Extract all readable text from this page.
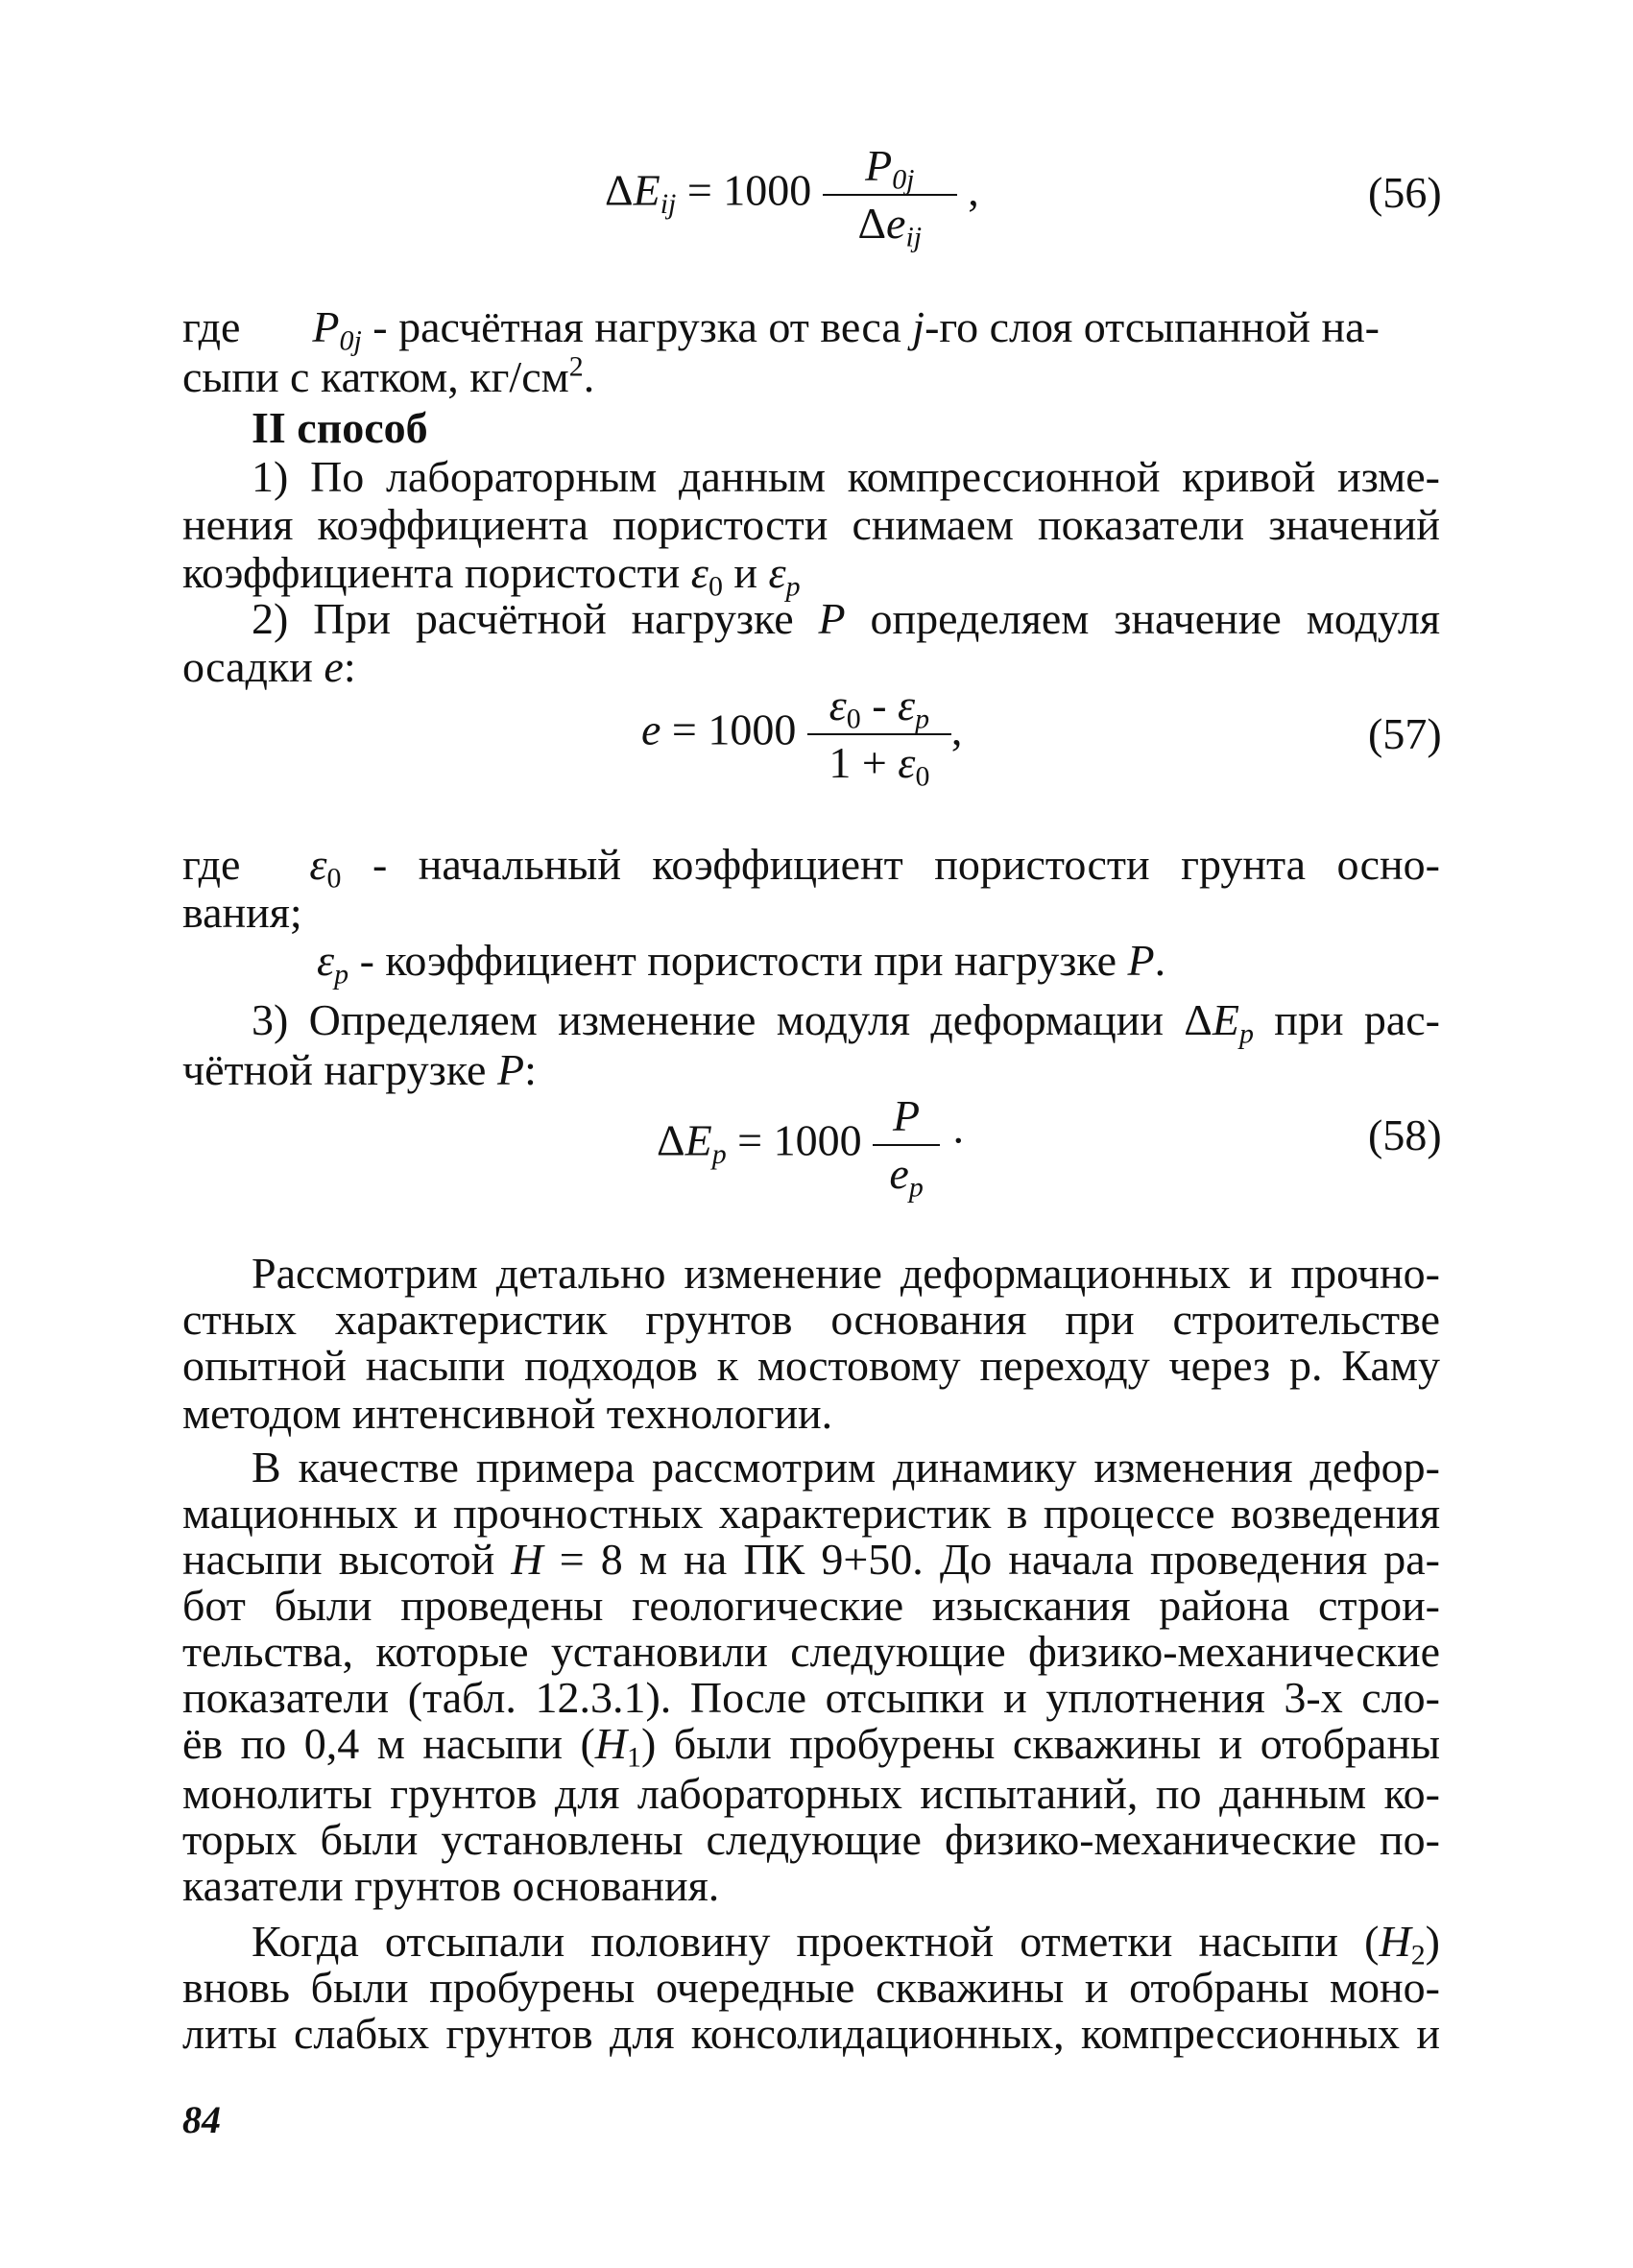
$\Delta E_{ij} = 1000 \frac{P_{0j}}{\Delta e_{ij}}$ ,	(56)
где $P_{0j}$ - расчётная нагрузка от веса j-го слоя отсыпанной на-
сыпи с катком, $кг/см^2$.
II способ
1) По лабораторным данным компрессионной кривой изме-
нения коэффициента пористости снимаем показатели значений
коэффициента пористости $\varepsilon_0$ и $\varepsilon_p$
2) При расчётной нагрузке P определяем значение модуля
осадки e:
$e = 1000 \frac{\varepsilon_0 - \varepsilon_p}{1 + \varepsilon_0}$ ,	(57)
где $\varepsilon_0$ - начальный коэффициент пористости грунта осно-
вания;
$\varepsilon_p$ - коэффициент пористости при нагрузке P.
3) Определяем изменение модуля деформации $\Delta E_p$ при рас-
чётной нагрузке P:
$\Delta E_p = 1000 \frac{P}{e_p}$ ·	(58)
Рассмотрим детально изменение деформационных и прочно-
стных характеристик грунтов основания при строительстве
опытной насыпи подходов к мостовому переходу через р. Каму
методом интенсивной технологии.
В качестве примера рассмотрим динамику изменения дефор-
мационных и прочностных характеристик в процессе возведения
насыпи высотой H = 8 м на ПК 9+50. До начала проведения ра-
бот были проведены геологические изыскания района строи-
тельства, которые установили следующие физико-механические
показатели (табл. 12.3.1). После отсыпки и уплотнения 3-х сло-
ёв по 0,4 м насыпи $(H_1)$ были пробурены скважины и отобраны
монолиты грунтов для лабораторных испытаний, по данным ко-
торых были установлены следующие физико-механические по-
казатели грунтов основания.
Когда отсыпали половину проектной отметки насыпи $(H_2)$
вновь были пробурены очередные скважины и отобраны моно-
литы слабых грунтов для консолидационных, компрессионных и
84
